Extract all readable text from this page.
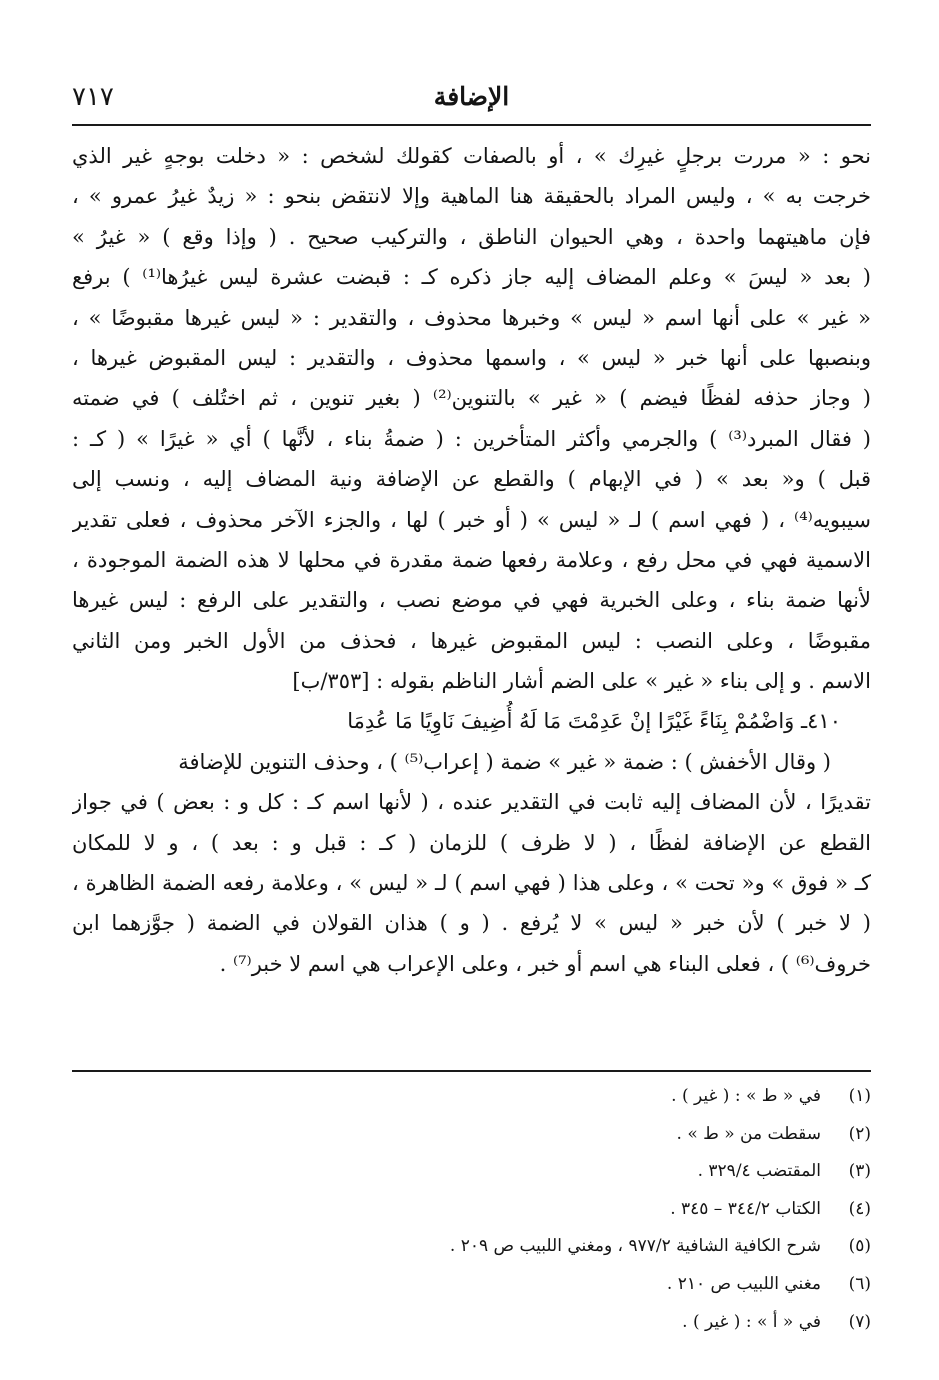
٧١٧	الإضافة
نحو : « مررت برجلٍ غيرِك » ، أو بالصفات كقولك لشخص : « دخلت بوجهٍ غير الذي
خرجت به » ، وليس المراد بالحقيقة هنا الماهية وإلا لانتقض بنحو : « زيدٌ غيرُ عمرو » ،
فإن ماهيتهما واحدة ، وهي الحيوان الناطق ، والتركيب صحيح . ( وإذا وقع ) « غيرُ »
( بعد « ليسَ » وعلم المضاف إليه جاز ذكره كـ : قبضت عشرة ليس غيرُها⁽¹⁾ ) برفع
« غير » على أنها اسم « ليس » وخبرها محذوف ، والتقدير : « ليس غيرها مقبوضًا » ،
وبنصبها على أنها خبر « ليس » ، واسمها محذوف ، والتقدير : ليس المقبوض غيرها ،
( وجاز حذفه لفظًا فيضم ) « غير » بالتنوين⁽²⁾ ( بغير تنوين ، ثم اختُلف ) في ضمته
( فقال المبرد⁽³⁾ ) والجرمي وأكثر المتأخرين : ( ضمةُ بناء ، لأنَّها ) أي « غيرًا » ( كـ :
قبل ) و« بعد » ( في الإبهام ) والقطع عن الإضافة ونية المضاف إليه ، ونسب إلى
سيبويه⁽⁴⁾ ، ( فهي اسم ) لـ « ليس » ( أو خبر ) لها ، والجزء الآخر محذوف ، فعلى تقدير
الاسمية فهي في محل رفع ، وعلامة رفعها ضمة مقدرة في محلها لا هذه الضمة الموجودة ،
لأنها ضمة بناء ، وعلى الخبرية فهي في موضع نصب ، والتقدير على الرفع : ليس غيرها
مقبوضًا ، وعلى النصب : ليس المقبوض غيرها ، فحذف من الأول الخبر ومن الثاني
الاسم . و إلى بناء « غير » على الضم أشار الناظم بقوله : [٣٥٣/ب]
٤١٠ـ وَاضْمُمْ بِنَاءً غَيْرًا إنْ عَدِمْتَ مَا لَهُ أُضِيفَ نَاوِيًا مَا عُدِمَا
( وقال الأخفش ) : ضمة « غير » ضمة ( إعراب⁽⁵⁾ ) ، وحذف التنوين للإضافة
تقديرًا ، لأن المضاف إليه ثابت في التقدير عنده ، ( لأنها اسم كـ : كل و : بعض ) في جواز
القطع عن الإضافة لفظًا ، ( لا ظرف ) للزمان ( كـ : قبل و : بعد ) ، و لا للمكان
كـ « فوق » و« تحت » ، وعلى هذا ( فهي اسم ) لـ « ليس » ، وعلامة رفعه الضمة الظاهرة ،
( لا خبر ) لأن خبر « ليس » لا يُرفع . ( و ) هذان القولان في الضمة ( جوَّزهما ابن
خروف⁽⁶⁾ ) ، فعلى البناء هي اسم أو خبر ، وعلى الإعراب هي اسم لا خبر⁽⁷⁾ .
(١)في « ط » : ( غير ) .
(٢)سقطت من « ط » .
(٣)المقتضب ٣٢٩/٤ .
(٤)الكتاب ٣٤٤/٢ – ٣٤٥ .
(٥)شرح الكافية الشافية ٩٧٧/٢ ، ومغني اللبيب ص ٢٠٩ .
(٦)مغني اللبيب ص ٢١٠ .
(٧)في « أ » : ( غير ) .
